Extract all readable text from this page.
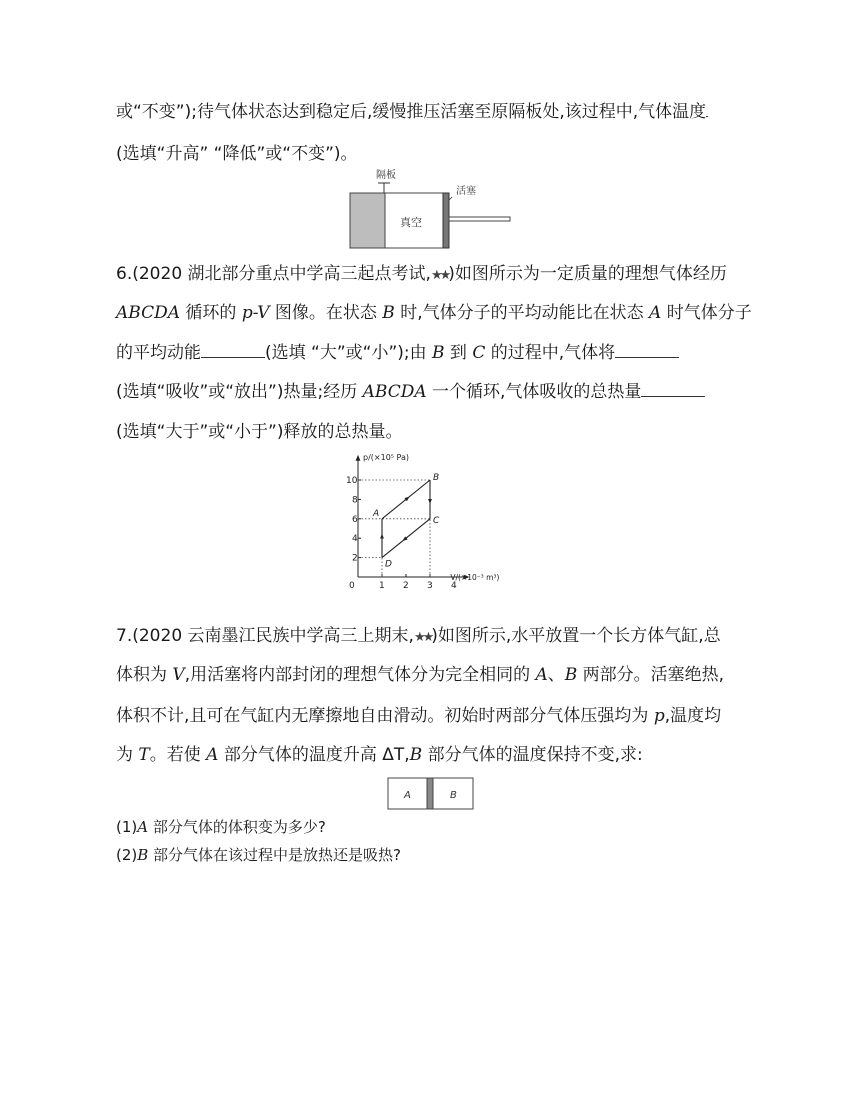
或“不变”);待气体状态达到稳定后,缓慢推压活塞至原隔板处,该过程中,气体温度
(选填“升高” “降低”或“不变”)。
隔板
活塞
真空
6.(2020 湖北部分重点中学高三起点考试,★★)如图所示为一定质量的理想气体经历
ABCDA 循环的 p-V 图像。在状态 B 时,气体分子的平均动能比在状态 A 时气体分子
的平均动能	(选填 “大”或“小”);由 B 到 C 的过程中,气体将
(选填“吸收”或“放出”)热量;经历 ABCDA 一个循环,气体吸收的总热量
(选填“大于”或“小于”)释放的总热量。
p/(×10⁵ Pa)
V/(×10⁻³ m³)
0	1 2 3 4
2
4
6
8
10
A
B
C
D
7.(2020 云南墨江民族中学高三上期末,★★)如图所示,水平放置一个长方体气缸,总
体积为 V,用活塞将内部封闭的理想气体分为完全相同的 A、B 两部分。活塞绝热,
体积不计,且可在气缸内无摩擦地自由滑动。初始时两部分气体压强均为 p,温度均
为 T。若使 A 部分气体的温度升高 ΔT,B 部分气体的温度保持不变,求:
A	B
(1)A 部分气体的体积变为多少?
(2)B 部分气体在该过程中是放热还是吸热?
